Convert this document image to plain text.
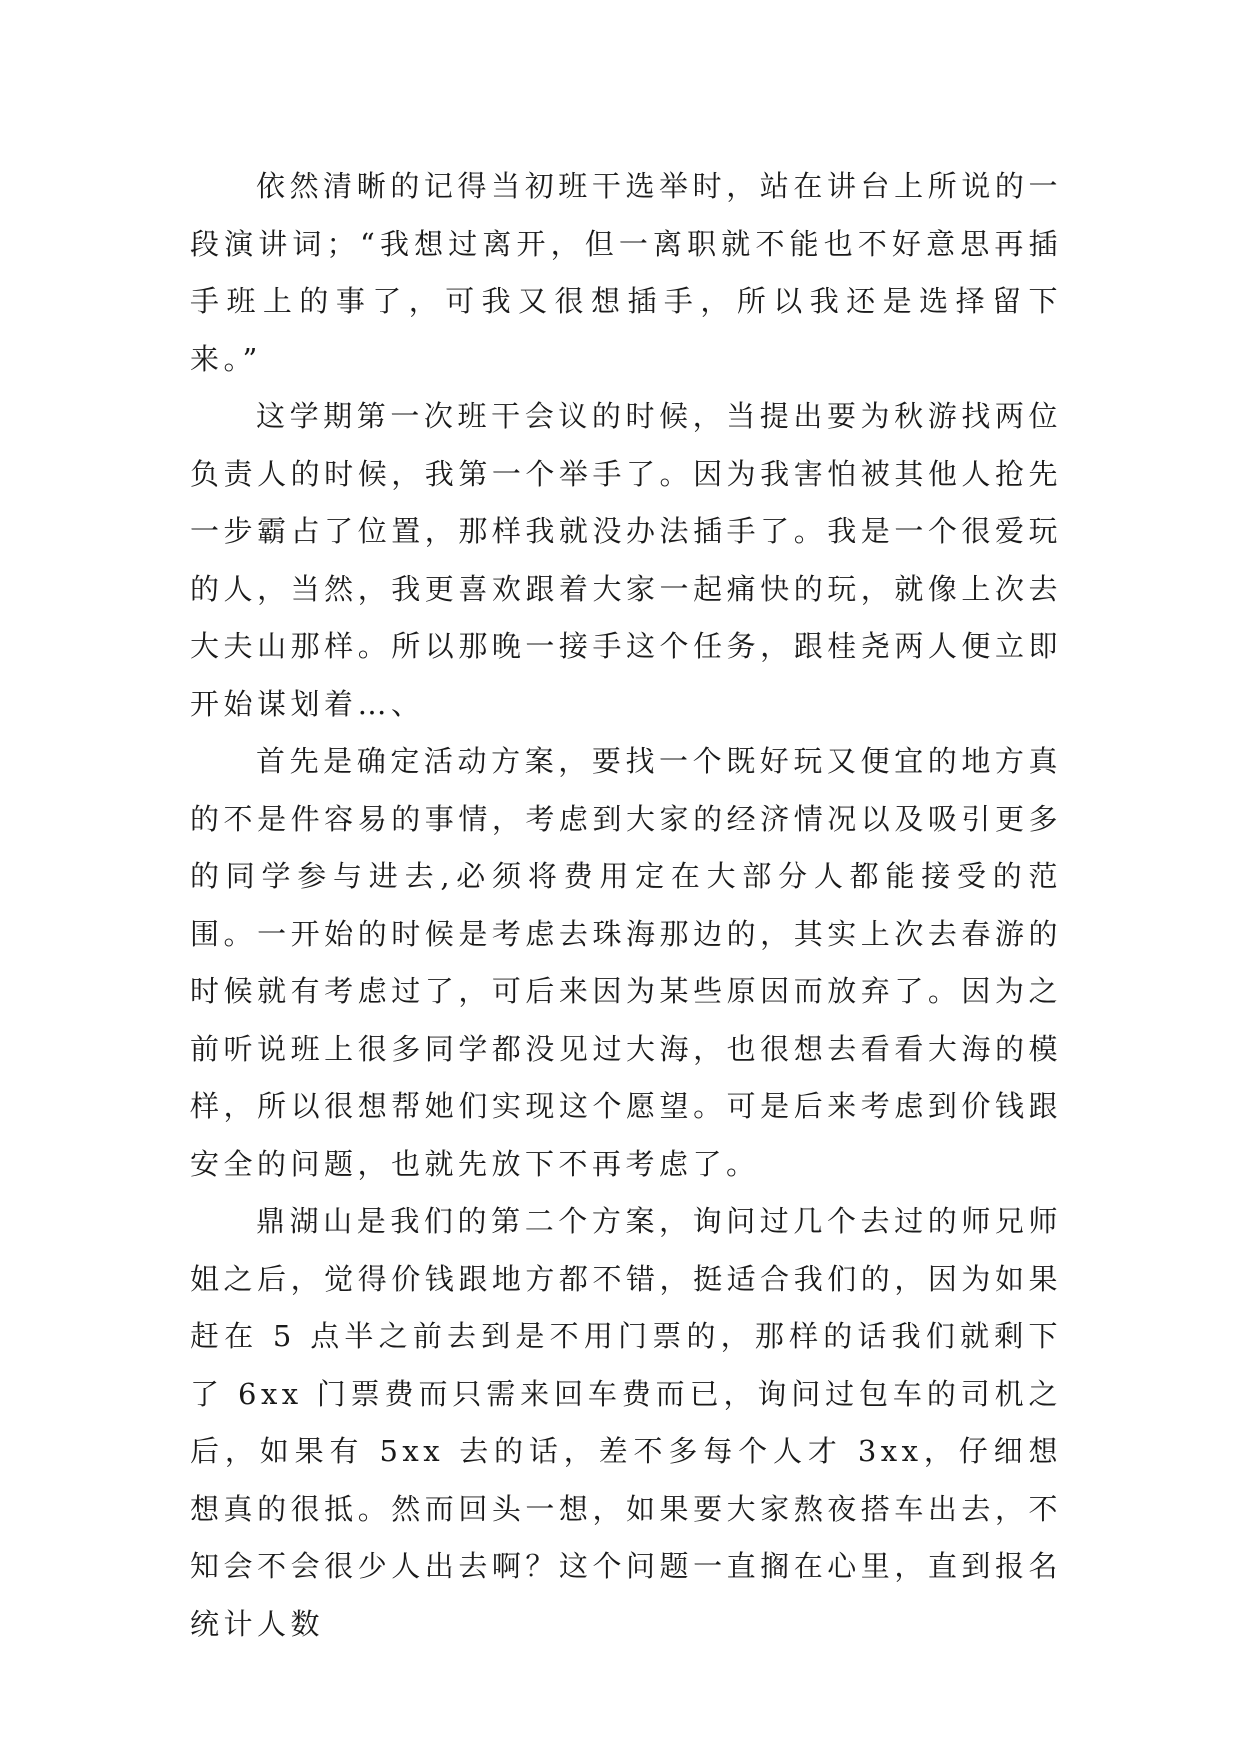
依然清晰的记得当初班干选举时，站在讲台上所说的一段演讲词；“我想过离开，但一离职就不能也不好意思再插手班上的事了，可我又很想插手，所以我还是选择留下来。”

这学期第一次班干会议的时候，当提出要为秋游找两位负责人的时候，我第一个举手了。因为我害怕被其他人抢先一步霸占了位置，那样我就没办法插手了。我是一个很爱玩的人，当然，我更喜欢跟着大家一起痛快的玩，就像上次去大夫山那样。所以那晚一接手这个任务，跟桂尧两人便立即开始谋划着…、

首先是确定活动方案，要找一个既好玩又便宜的地方真的不是件容易的事情，考虑到大家的经济情况以及吸引更多的同学参与进去,必须将费用定在大部分人都能接受的范围。一开始的时候是考虑去珠海那边的，其实上次去春游的时候就有考虑过了，可后来因为某些原因而放弃了。因为之前听说班上很多同学都没见过大海，也很想去看看大海的模样，所以很想帮她们实现这个愿望。可是后来考虑到价钱跟安全的问题，也就先放下不再考虑了。

鼎湖山是我们的第二个方案，询问过几个去过的师兄师姐之后，觉得价钱跟地方都不错，挺适合我们的，因为如果赶在 5 点半之前去到是不用门票的，那样的话我们就剩下了 6xx 门票费而只需来回车费而已，询问过包车的司机之后，如果有 5xx 去的话，差不多每个人才 3xx，仔细想想真的很抵。然而回头一想，如果要大家熬夜搭车出去，不知会不会很少人出去啊？这个问题一直搁在心里，直到报名统计人数
